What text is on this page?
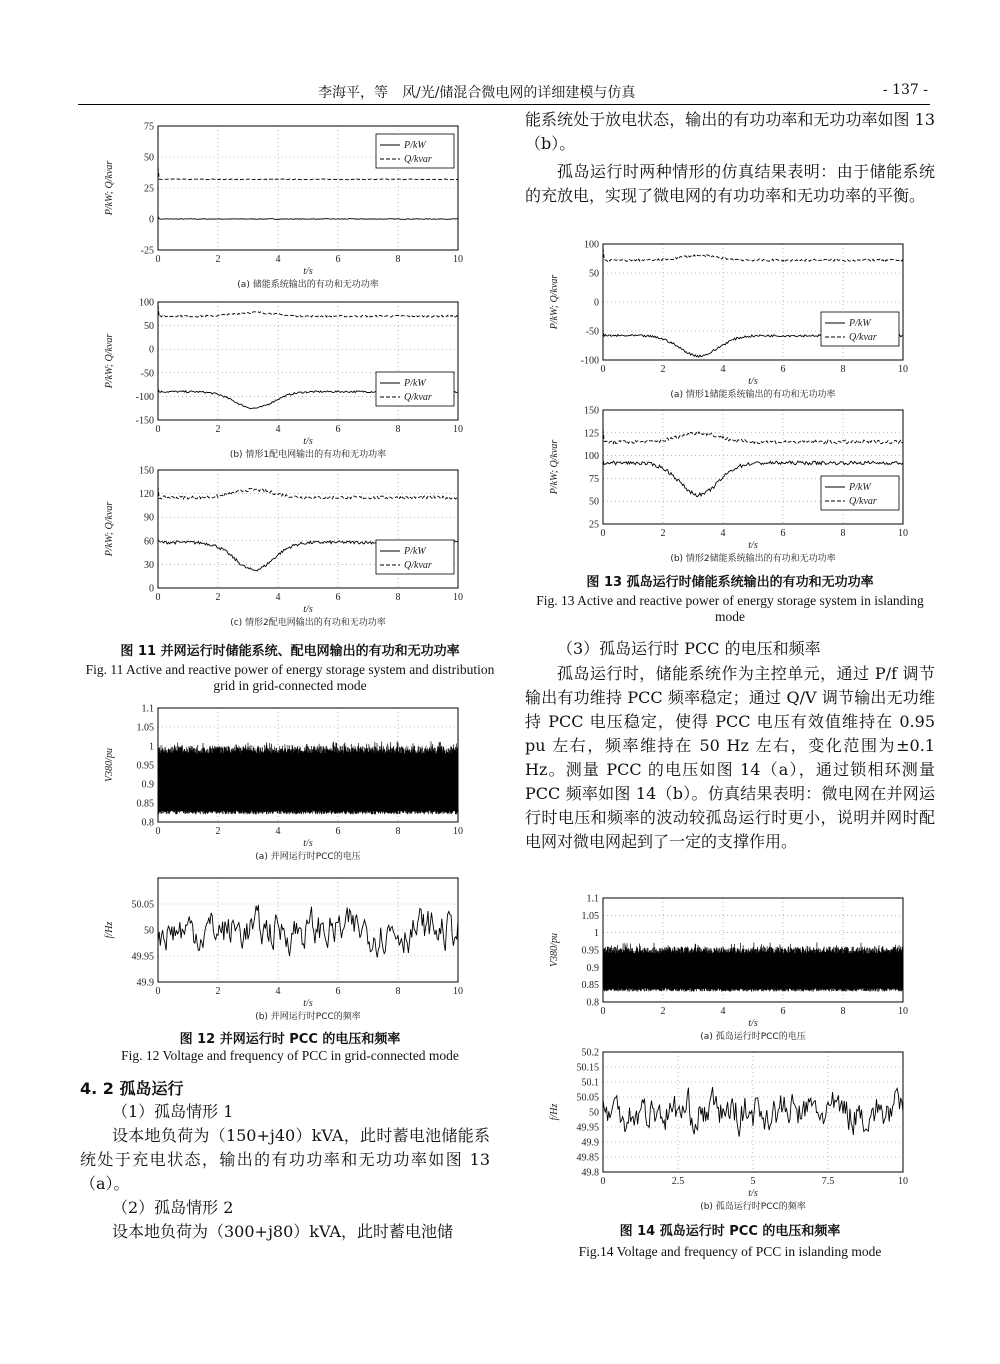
李海平，等　风/光/储混合微电网的详细建模与仿真	- 137 -
-25
0
25
50
75
0	2	4	6	8	10
P/kW; Q/kvar
t/s
(a) 储能系统输出的有功和无功功率
P/kW
Q/kvar
-150
-100
-50
0
50
100
0	2	4	6	8	10
P/kW; Q/kvar
t/s
(b) 情形1配电网输出的有功和无功功率
P/kW
Q/kvar
0
30
60
90
120
150
0	2	4	6	8	10
P/kW; Q/kvar
t/s
(c) 情形2配电网输出的有功和无功功率
P/kW
Q/kvar
图 11 并网运行时储能系统、配电网输出的有功和无功功率
Fig. 11 Active and reactive power of energy storage system and distribution grid in grid-connected mode
0.8
0.85
0.9
0.95
1
1.05
1.1
0	2	4	6	8	10
V380/pu
t/s
(a) 并网运行时PCC的电压
49.9
49.95
50
50.05
0	2	4	6	8	10
f/Hz
t/s
(b) 并网运行时PCC的频率
图 12 并网运行时 PCC 的电压和频率
Fig. 12 Voltage and frequency of PCC in grid-connected mode
4. 2 孤岛运行
（1）孤岛情形 1
设本地负荷为（150+j40）kVA，此时蓄电池储能系统处于充电状态，输出的有功功率和无功功率如图 13（a）。
（2）孤岛情形 2
设本地负荷为（300+j80）kVA，此时蓄电池储
能系统处于放电状态，输出的有功功率和无功功率如图 13（b）。
孤岛运行时两种情形的仿真结果表明：由于储能系统的充放电，实现了微电网的有功功率和无功功率的平衡。
-100
-50
0
50
100
0	2	4	6	8	10
P/kW; Q/kvar
t/s
(a) 情形1储能系统输出的有功和无功功率
P/kW
Q/kvar
25
50
75
100
125
150
0	2	4	6	8	10
P/kW; Q/kvar
t/s
(b) 情形2储能系统输出的有功和无功功率
P/kW
Q/kvar
图 13 孤岛运行时储能系统输出的有功和无功功率
Fig. 13 Active and reactive power of energy storage system in islanding mode
（3）孤岛运行时 PCC 的电压和频率
孤岛运行时，储能系统作为主控单元，通过 P/f 调节输出有功维持 PCC 频率稳定；通过 Q/V 调节输出无功维持 PCC 电压稳定，使得 PCC 电压有效值维持在 0.95 pu 左右，频率维持在 50 Hz 左右，变化范围为±0.1 Hz。测量 PCC 的电压如图 14（a），通过锁相环测量 PCC 频率如图 14（b）。仿真结果表明：微电网在并网运行时电压和频率的波动较孤岛运行时更小，说明并网时配电网对微电网起到了一定的支撑作用。
0.8
0.85
0.9
0.95
1
1.05
1.1
0	2	4	6	8	10
V380/pu
t/s
(a) 孤岛运行时PCC的电压
49.8
49.85
49.9
49.95
50
50.05
50.1
50.15
50.2
0	2.5	5	7.5	10
f/Hz
t/s
(b) 孤岛运行时PCC的频率
图 14 孤岛运行时 PCC 的电压和频率
Fig.14 Voltage and frequency of PCC in islanding mode
